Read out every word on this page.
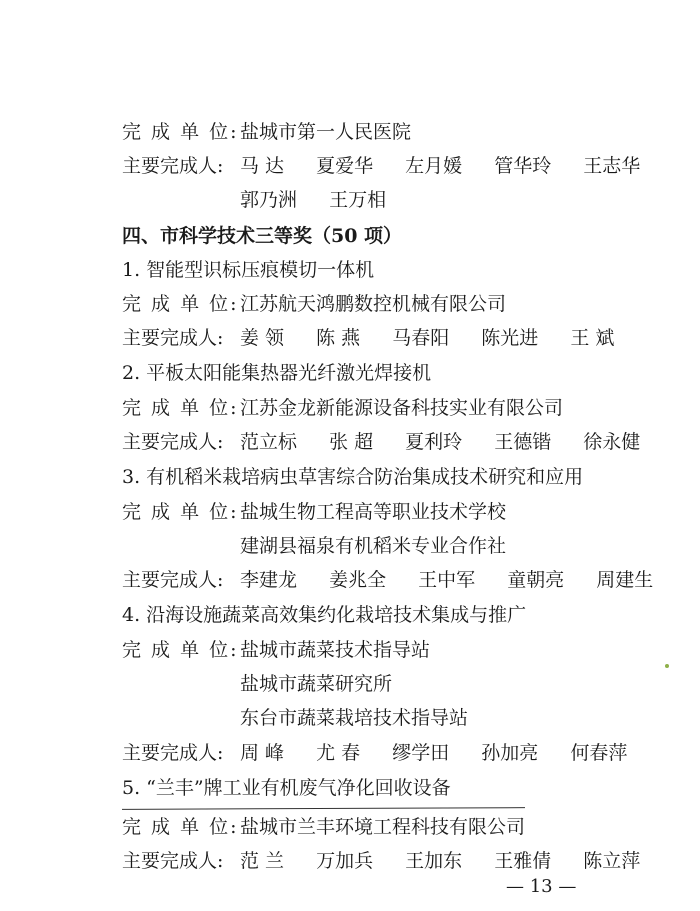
完 成 单 位: 盐城市第一人民医院
主要完成人: 马 达 夏爱华 左月媛 管华玲 王志华
郭乃洲 王万相
四、市科学技术三等奖（50 项）
1. 智能型识标压痕模切一体机
完 成 单 位: 江苏航天鸿鹏数控机械有限公司
主要完成人: 姜 领 陈 燕 马春阳 陈光进 王 斌
2. 平板太阳能集热器光纤激光焊接机
完 成 单 位: 江苏金龙新能源设备科技实业有限公司
主要完成人: 范立标 张 超 夏利玲 王德锴 徐永健
3. 有机稻米栽培病虫草害综合防治集成技术研究和应用
完 成 单 位: 盐城生物工程高等职业技术学校
建湖县福泉有机稻米专业合作社
主要完成人: 李建龙 姜兆全 王中军 童朝亮 周建生
4. 沿海设施蔬菜高效集约化栽培技术集成与推广
完 成 单 位: 盐城市蔬菜技术指导站
盐城市蔬菜研究所
东台市蔬菜栽培技术指导站
主要完成人: 周 峰 尤 春 缪学田 孙加亮 何春萍
5. “兰丰”牌工业有机废气净化回收设备
完 成 单 位: 盐城市兰丰环境工程科技有限公司
主要完成人: 范 兰 万加兵 王加东 王雅倩 陈立萍
— 13 —
